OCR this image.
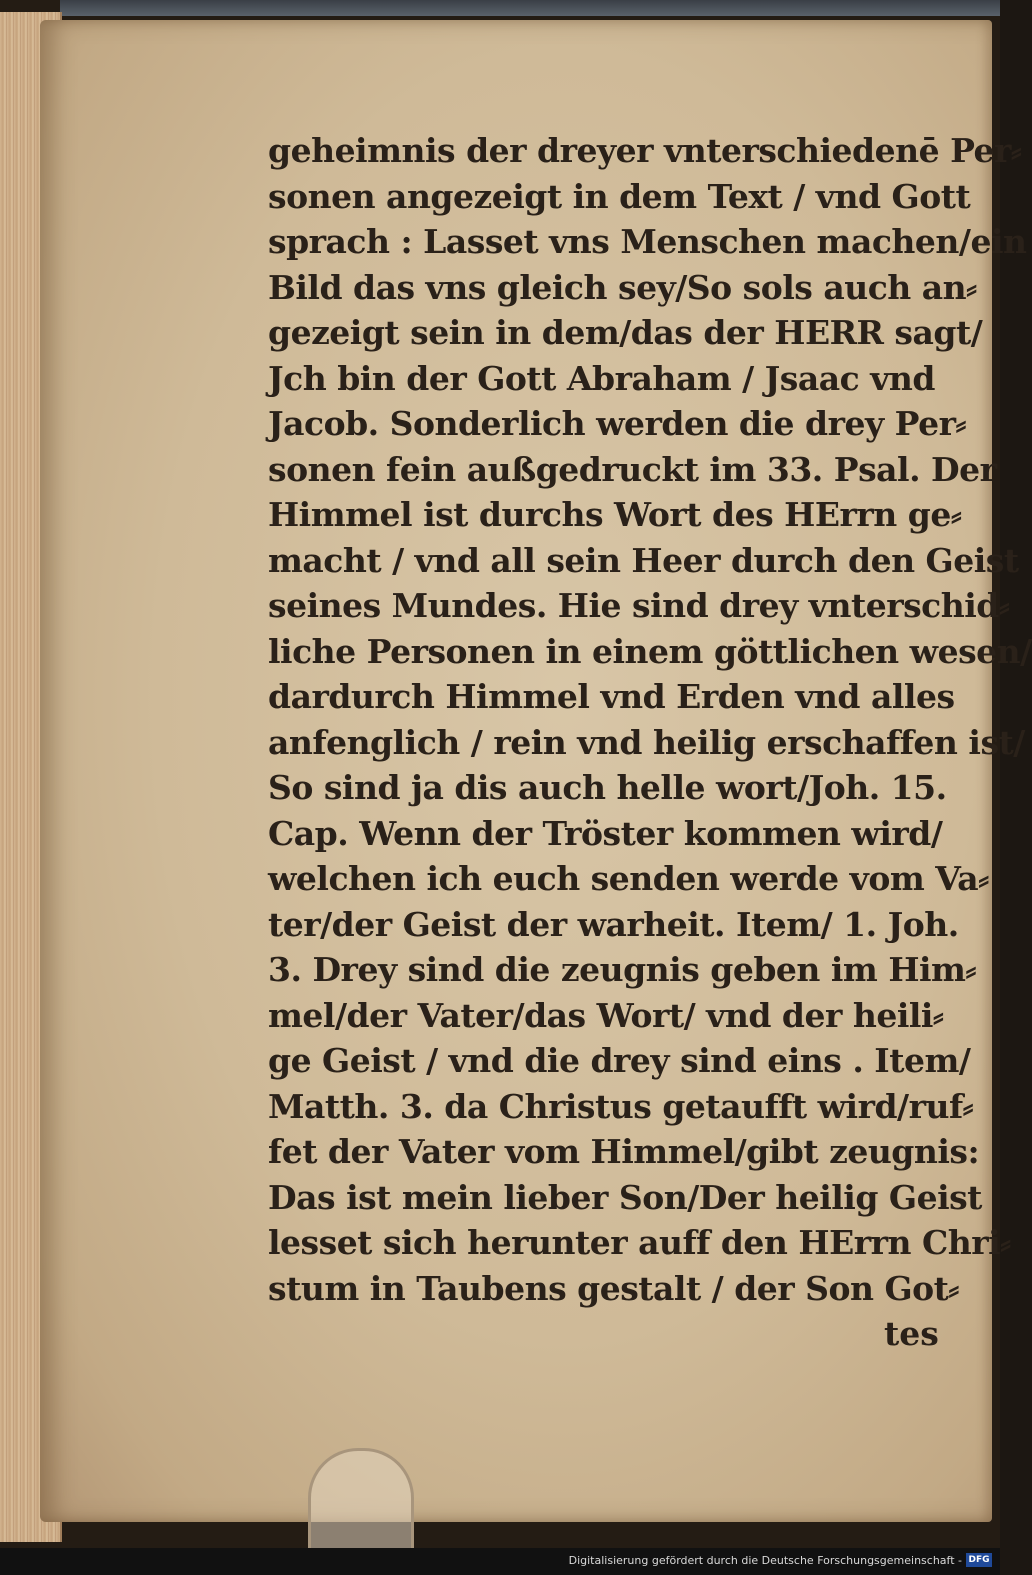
geheimnis der dreyer vnterschiedenē Per⸗
sonen angezeigt in dem Text / vnd Gott
sprach : Lasset vns Menschen machen/ein
Bild das vns gleich sey/So sols auch an⸗
gezeigt sein in dem/das der HERR sagt/
Jch bin der Gott Abraham / Jsaac vnd
Jacob. Sonderlich werden die drey Per⸗
sonen fein außgedruckt im 33. Psal. Der
Himmel ist durchs Wort des HErrn ge⸗
macht / vnd all sein Heer durch den Geist
seines Mundes. Hie sind drey vnterschid⸗
liche Personen in einem göttlichen wesen/
dardurch Himmel vnd Erden vnd alles
anfenglich / rein vnd heilig erschaffen ist/
So sind ja dis auch helle wort/Joh. 15.
Cap. Wenn der Tröster kommen wird/
welchen ich euch senden werde vom Va⸗
ter/der Geist der warheit. Item/ 1. Joh.
3. Drey sind die zeugnis geben im Him⸗
mel/der Vater/das Wort/ vnd der heili⸗
ge Geist / vnd die drey sind eins . Item/
Matth. 3. da Christus getaufft wird/ruf⸗
fet der Vater vom Himmel/gibt zeugnis:
Das ist mein lieber Son/Der heilig Geist
lesset sich herunter auff den HErrn Chri⸗
stum in Taubens gestalt / der Son Got⸗
tes
Digitalisierung gefördert durch die Deutsche Forschungsgemeinschaft - DFG
